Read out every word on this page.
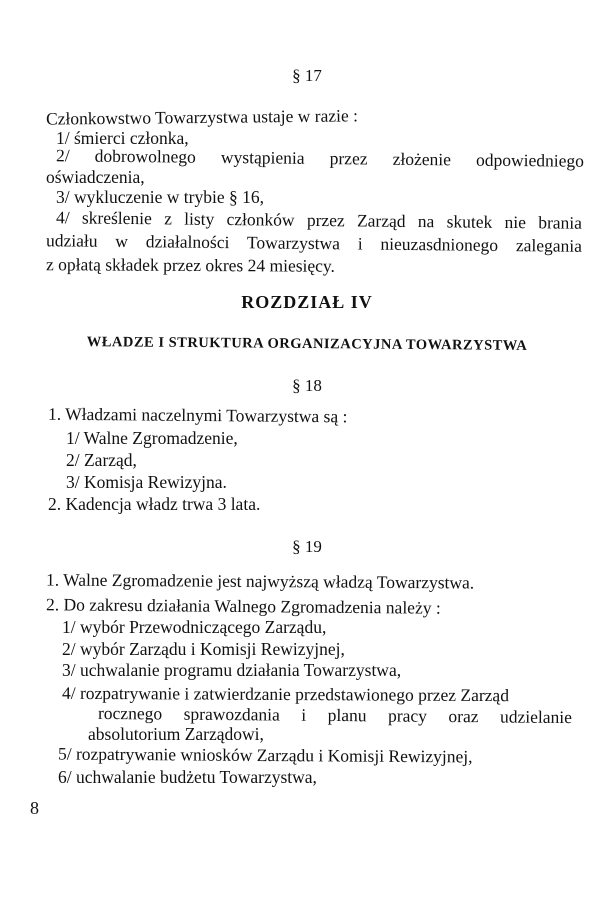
§ 17
Członkowstwo Towarzystwa ustaje w razie :
1/ śmierci członka,
2/ dobrowolnego wystąpienia przez złożenie odpowiedniego
oświadczenia,
3/ wykluczenie w trybie § 16,
4/ skreślenie z listy członków przez Zarząd na skutek nie brania
udziału w działalności Towarzystwa i nieuzasdnionego zalegania
z opłatą składek przez okres 24 miesięcy.
ROZDZIAŁ IV
WŁADZE I STRUKTURA ORGANIZACYJNA TOWARZYSTWA
§ 18
1. Władzami naczelnymi Towarzystwa są :
1/ Walne Zgromadzenie,
2/ Zarząd,
3/ Komisja Rewizyjna.
2. Kadencja władz trwa 3 lata.
§ 19
1. Walne Zgromadzenie jest najwyższą władzą Towarzystwa.
2. Do zakresu działania Walnego Zgromadzenia należy :
1/ wybór Przewodniczącego Zarządu,
2/ wybór Zarządu i Komisji Rewizyjnej,
3/ uchwalanie programu działania Towarzystwa,
4/ rozpatrywanie i zatwierdzanie przedstawionego przez Zarząd
rocznego sprawozdania i planu pracy oraz udzielanie
absolutorium Zarządowi,
5/ rozpatrywanie wniosków Zarządu i Komisji Rewizyjnej,
6/ uchwalanie budżetu Towarzystwa,
8
